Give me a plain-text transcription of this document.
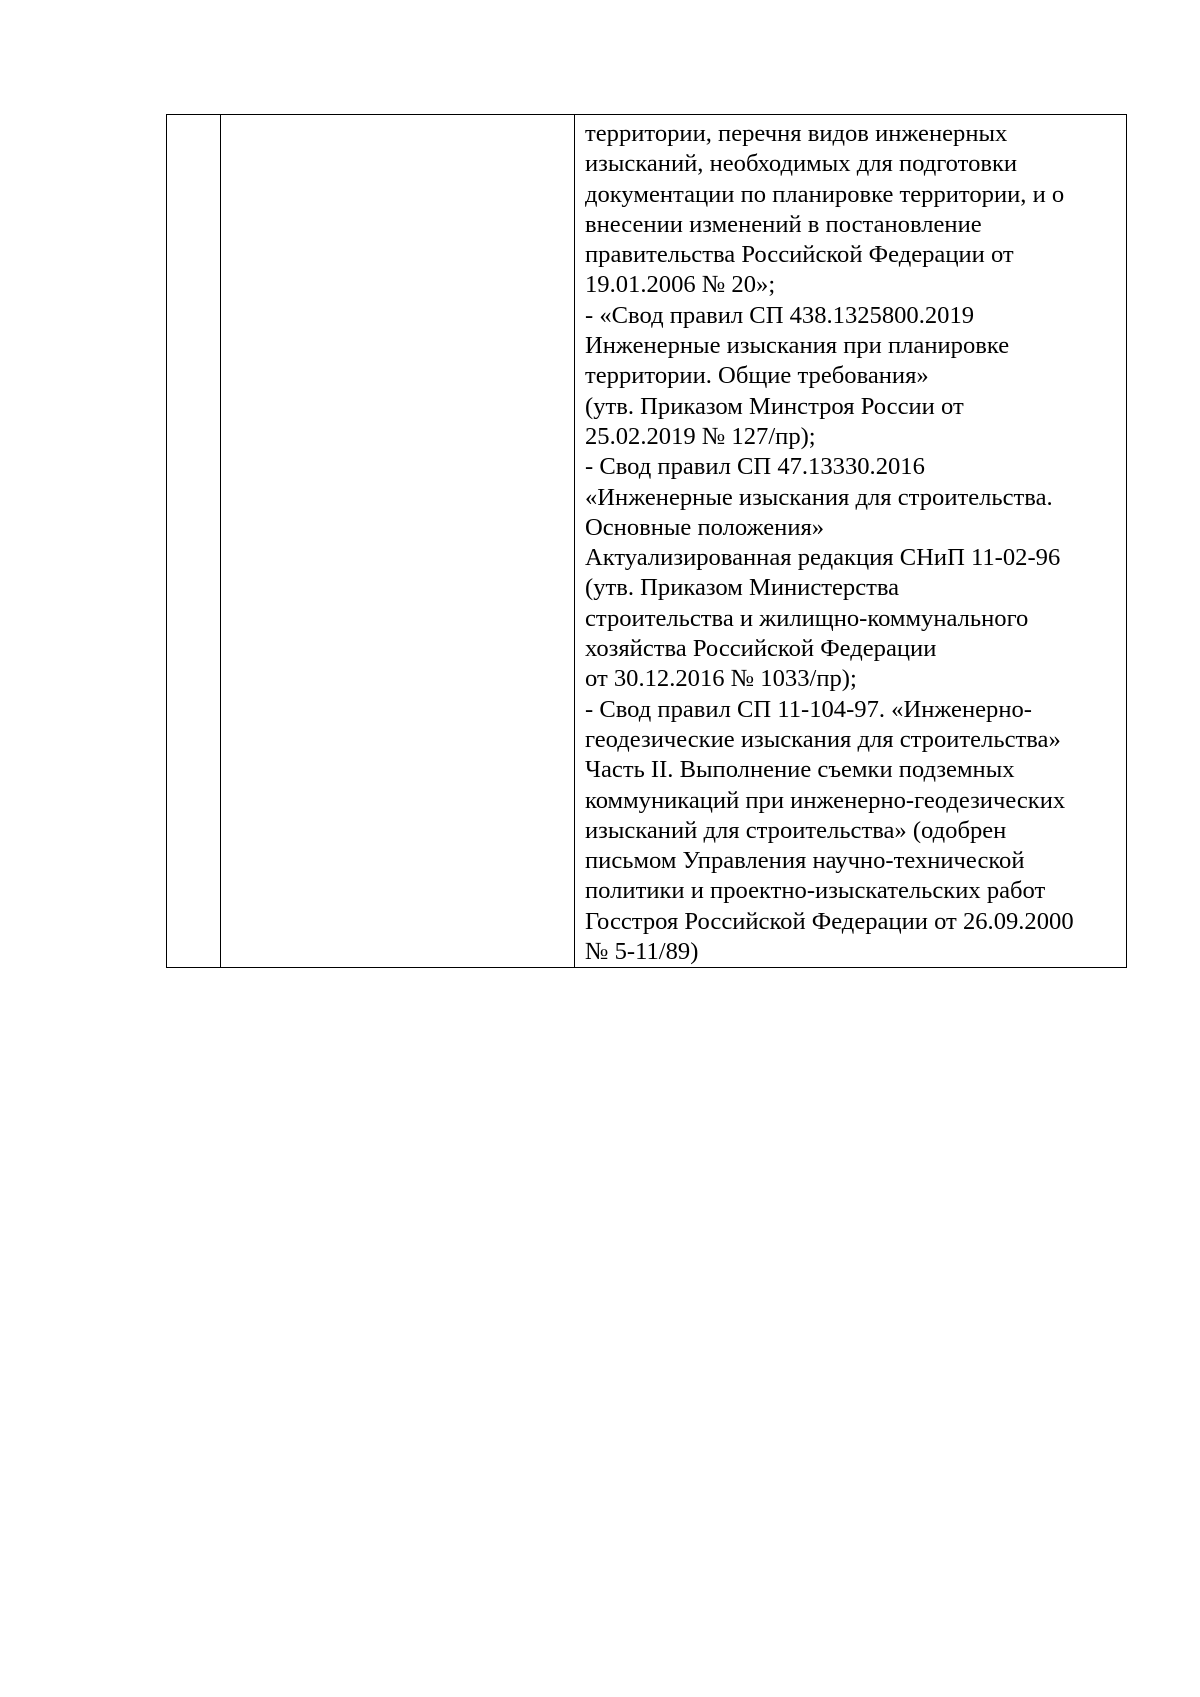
территории, перечня видов инженерных
изысканий, необходимых для подготовки
документации по планировке территории, и о
внесении изменений в постановление
правительства Российской Федерации от
19.01.2006 № 20»;
- «Свод правил СП 438.1325800.2019
Инженерные изыскания при планировке
территории. Общие требования»
(утв. Приказом Минстроя России от
25.02.2019 № 127/пр);
- Свод правил СП 47.13330.2016
«Инженерные изыскания для строительства.
Основные положения»
Актуализированная редакция СНиП 11-02-96
(утв. Приказом Министерства
строительства и жилищно-коммунального
хозяйства Российской Федерации
от 30.12.2016 № 1033/пр);
- Свод правил СП 11-104-97. «Инженерно-
геодезические изыскания для строительства»
Часть II. Выполнение съемки подземных
коммуникаций при инженерно-геодезических
изысканий для строительства» (одобрен
письмом Управления научно-технической
политики и проектно-изыскательских работ
Госстроя Российской Федерации от 26.09.2000
№ 5-11/89)
